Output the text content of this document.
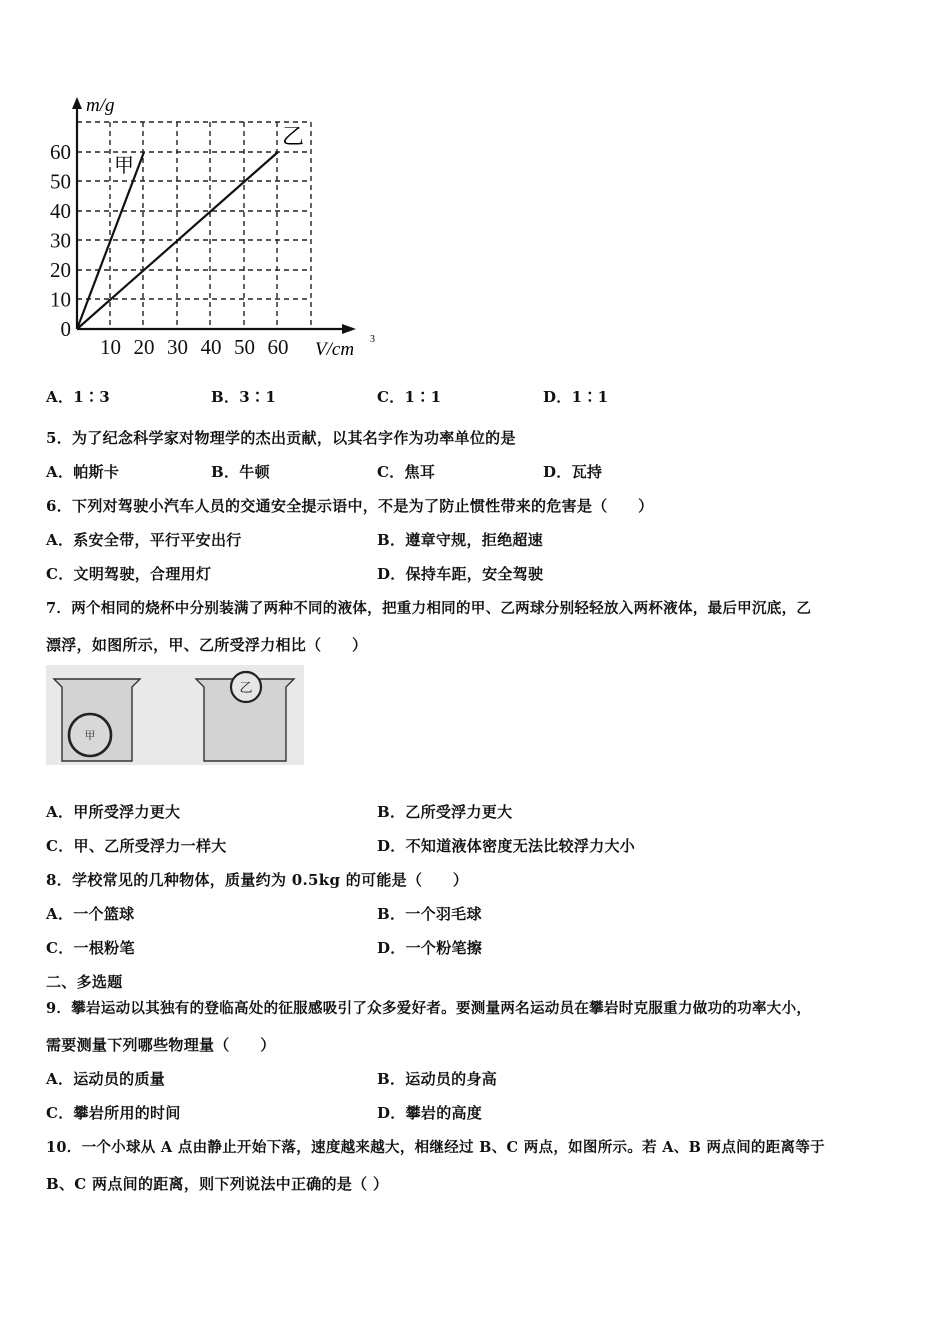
60
50
40
30
20
10
0
10 20 30 40 50 60
m/g
V/cm 3
甲
乙
A．1∶3	B．3∶1	C．1∶1	D．1∶1
5．为了纪念科学家对物理学的杰出贡献，以其名字作为功率单位的是
A．帕斯卡	B．牛顿	C．焦耳	D．瓦持
6．下列对驾驶小汽车人员的交通安全提示语中，不是为了防止惯性带来的危害是（　　）
A．系安全带，平行平安出行	B．遵章守规，拒绝超速
C．文明驾驶，合理用灯	D．保持车距，安全驾驶
7．两个相同的烧杯中分别装满了两种不同的液体，把重力相同的甲、乙两球分别轻轻放入两杯液体，最后甲沉底，乙
漂浮，如图所示，甲、乙所受浮力相比（　　）
甲
乙
A．甲所受浮力更大	B．乙所受浮力更大
C．甲、乙所受浮力一样大	D．不知道液体密度无法比较浮力大小
8．学校常见的几种物体，质量约为 0.5kg 的可能是（　　）
A．一个篮球	B．一个羽毛球
C．一根粉笔	D．一个粉笔擦
二、多选题
9．攀岩运动以其独有的登临高处的征服感吸引了众多爱好者。要测量两名运动员在攀岩时克服重力做功的功率大小，
需要测量下列哪些物理量（　　）
A．运动员的质量	B．运动员的身高
C．攀岩所用的时间	D．攀岩的高度
10．一个小球从 A 点由静止开始下落，速度越来越大，相继经过 B、C 两点，如图所示。若 A、B 两点间的距离等于
B、C 两点间的距离，则下列说法中正确的是（ ）
